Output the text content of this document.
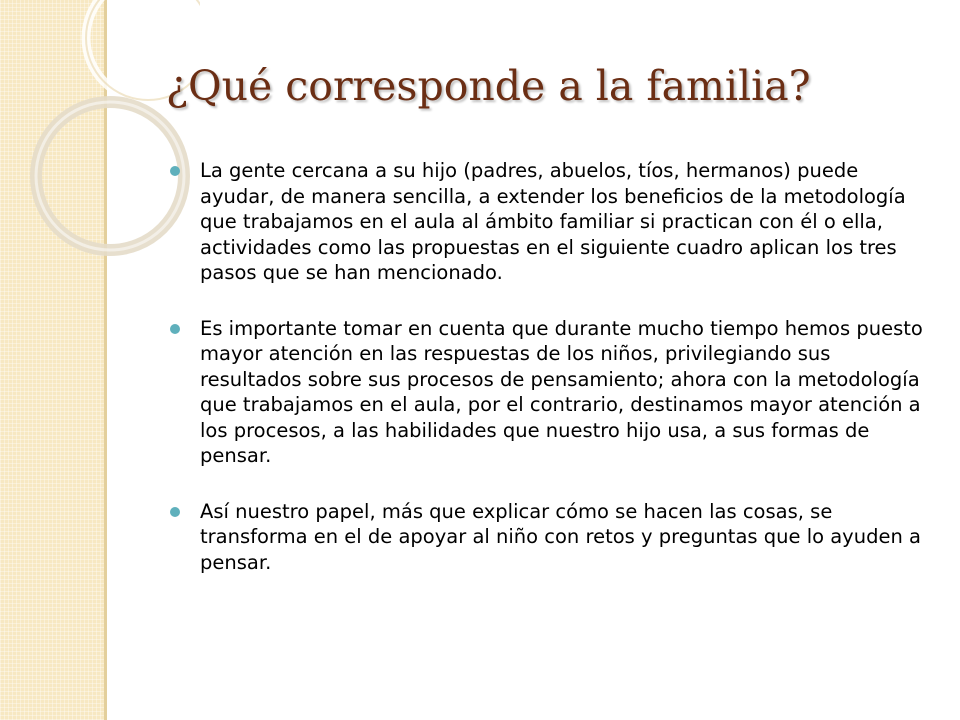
¿Qué corresponde a la familia?

La gente cercana a su hijo (padres, abuelos, tíos, hermanos) puede ayudar, de manera sencilla, a extender los beneficios de la metodología que trabajamos en el aula al ámbito familiar si practican con él o ella, actividades como las propuestas en el siguiente cuadro aplican los tres pasos que se han mencionado.

Es importante tomar en cuenta que durante mucho tiempo hemos puesto mayor atención en las respuestas de los niños, privilegiando sus resultados sobre sus procesos de pensamiento; ahora con la metodología que trabajamos en el aula, por el contrario, destinamos mayor atención a los procesos, a las habilidades que nuestro hijo usa, a sus formas de pensar.

Así nuestro papel, más que explicar cómo se hacen las cosas, se transforma en el de apoyar al niño con retos y preguntas que lo ayuden a pensar.
